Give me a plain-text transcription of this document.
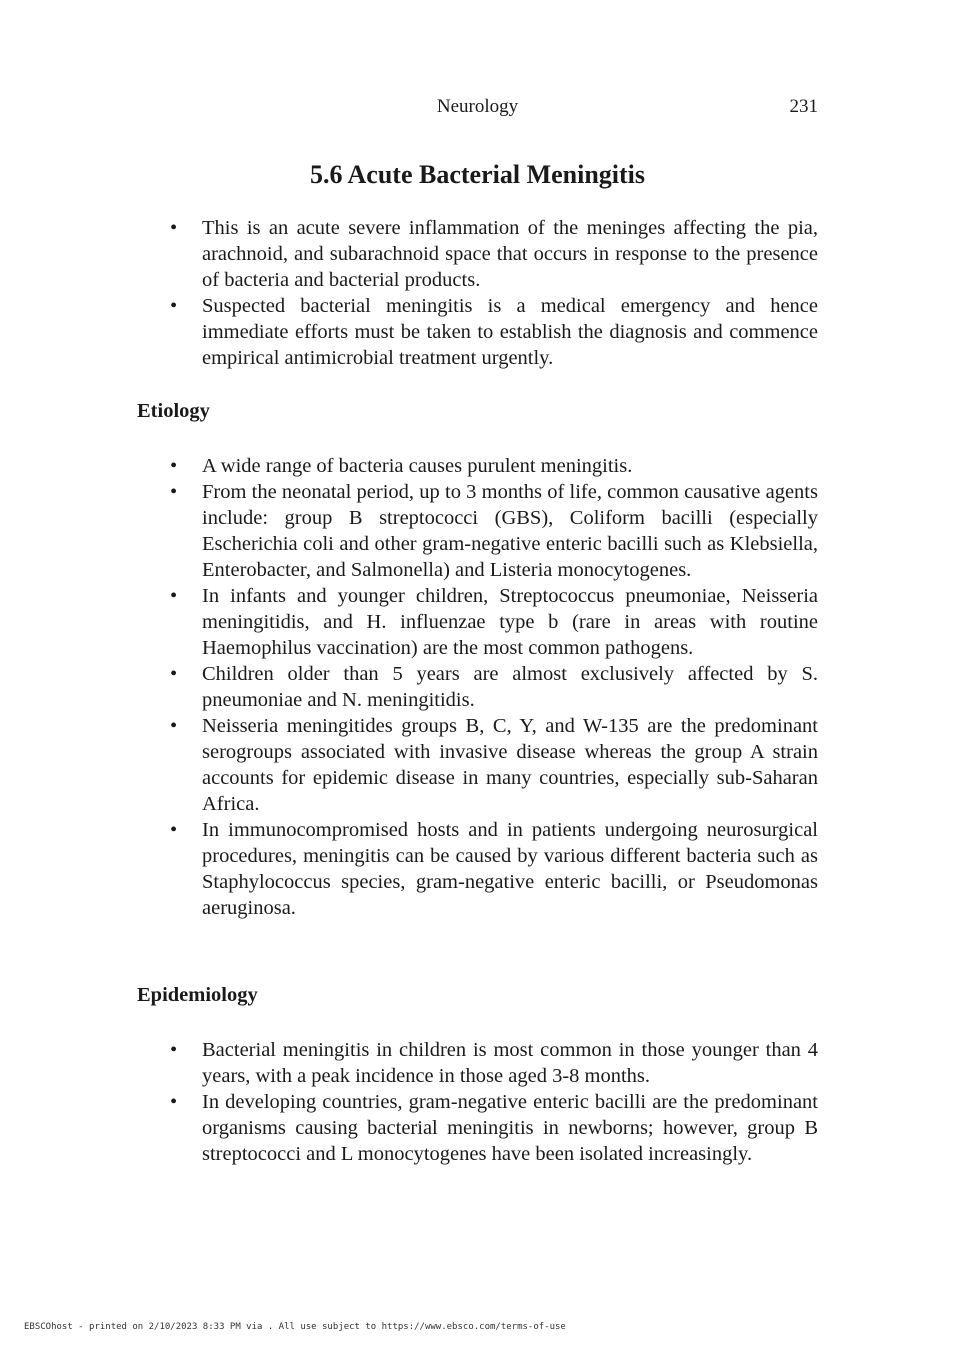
Neurology	231
5.6 Acute Bacterial Meningitis
• This is an acute severe inflammation of the meninges affecting the pia, arachnoid, and subarachnoid space that occurs in response to the presence of bacteria and bacterial products.
• Suspected bacterial meningitis is a medical emergency and hence immediate efforts must be taken to establish the diagnosis and commence empirical antimicrobial treatment urgently.
Etiology
• A wide range of bacteria causes purulent meningitis.
• From the neonatal period, up to 3 months of life, common causative agents include: group B streptococci (GBS), Coliform bacilli (especially Escherichia coli and other gram-negative enteric bacilli such as Klebsiella, Enterobacter, and Salmonella) and Listeria monocytogenes.
• In infants and younger children, Streptococcus pneumoniae, Neisseria meningitidis, and H. influenzae type b (rare in areas with routine Haemophilus vaccination) are the most common pathogens.
• Children older than 5 years are almost exclusively affected by S. pneumoniae and N. meningitidis.
• Neisseria meningitides groups B, C, Y, and W-135 are the predominant serogroups associated with invasive disease whereas the group A strain accounts for epidemic disease in many countries, especially sub-Saharan Africa.
• In immunocompromised hosts and in patients undergoing neurosurgical procedures, meningitis can be caused by various different bacteria such as Staphylococcus species, gram-negative enteric bacilli, or Pseudomonas aeruginosa.
Epidemiology
• Bacterial meningitis in children is most common in those younger than 4 years, with a peak incidence in those aged 3-8 months.
• In developing countries, gram-negative enteric bacilli are the predominant organisms causing bacterial meningitis in newborns; however, group B streptococci and L monocytogenes have been isolated increasingly.
EBSCOhost - printed on 2/10/2023 8:33 PM via . All use subject to https://www.ebsco.com/terms-of-use
